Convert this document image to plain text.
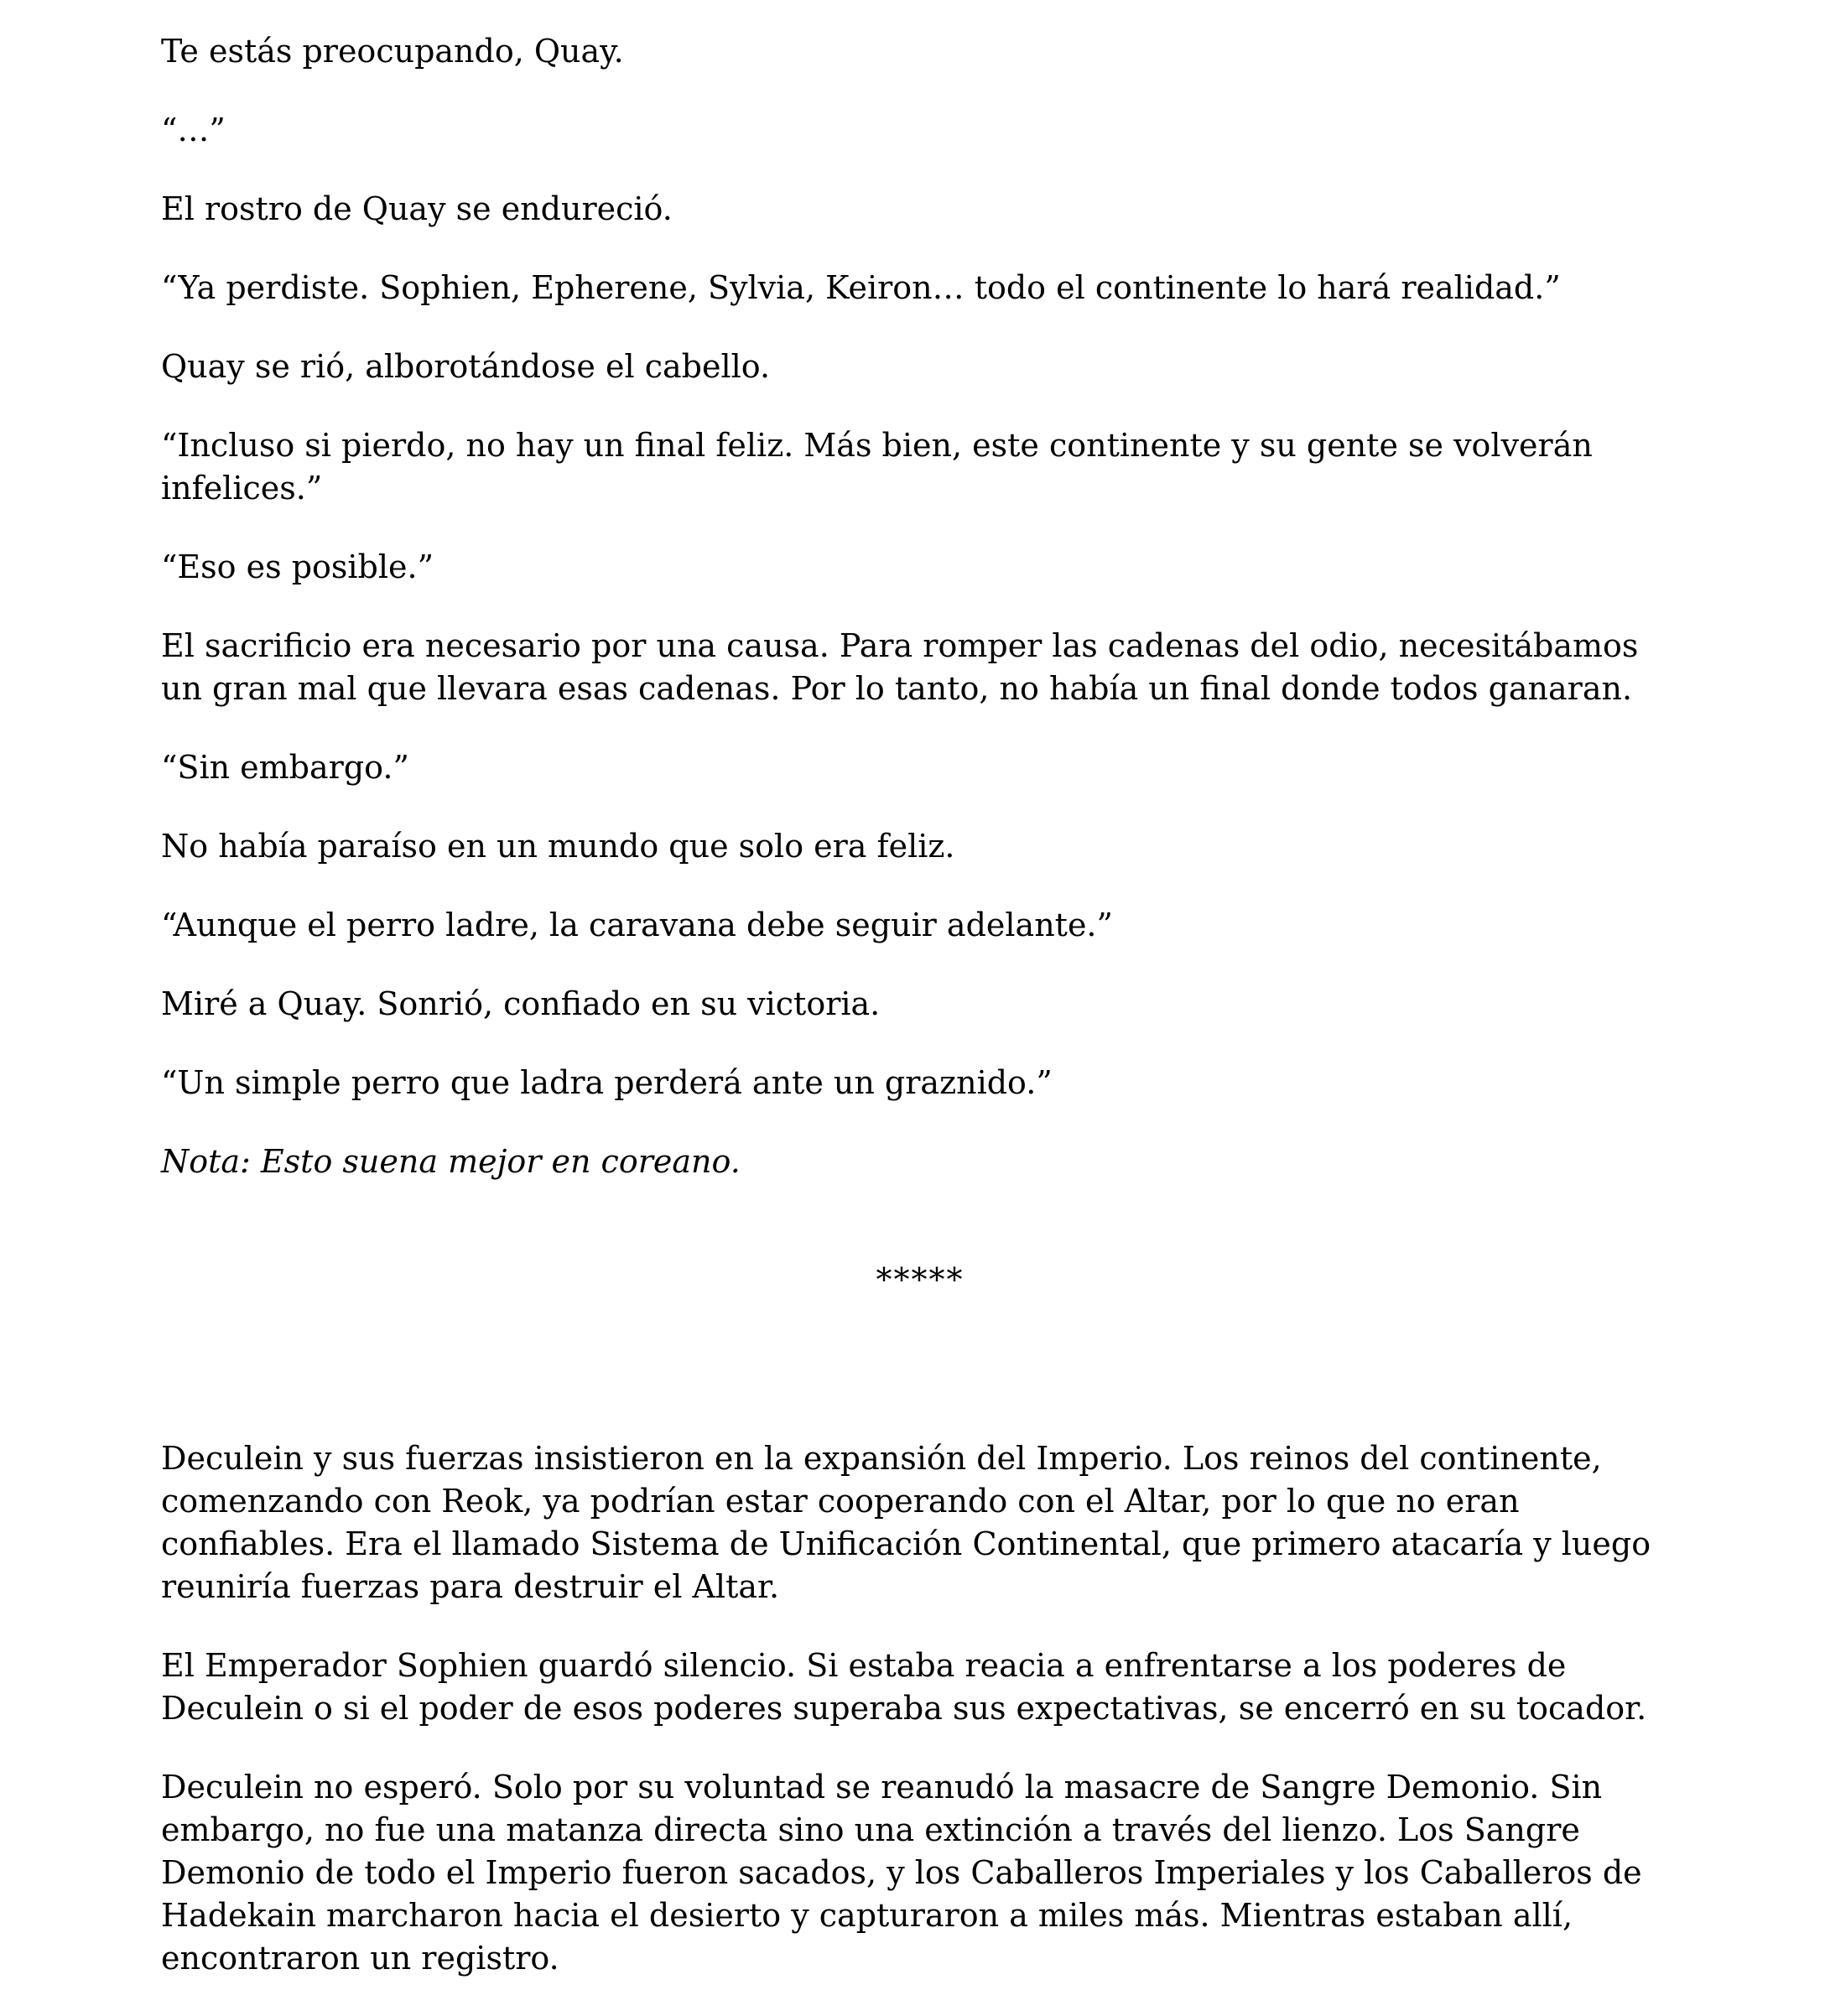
Te estás preocupando, Quay.

“…”

El rostro de Quay se endureció.

“Ya perdiste. Sophien, Epherene, Sylvia, Keiron… todo el continente lo hará realidad.”

Quay se rió, alborotándose el cabello.

“Incluso si pierdo, no hay un final feliz. Más bien, este continente y su gente se volverán infelices.”

“Eso es posible.”

El sacrificio era necesario por una causa. Para romper las cadenas del odio, necesitábamos un gran mal que llevara esas cadenas. Por lo tanto, no había un final donde todos ganaran.

“Sin embargo.”

No había paraíso en un mundo que solo era feliz.

“Aunque el perro ladre, la caravana debe seguir adelante.”

Miré a Quay. Sonrió, confiado en su victoria.

“Un simple perro que ladra perderá ante un graznido.”

Nota: Esto suena mejor en coreano.

*****

Deculein y sus fuerzas insistieron en la expansión del Imperio. Los reinos del continente, comenzando con Reok, ya podrían estar cooperando con el Altar, por lo que no eran confiables. Era el llamado Sistema de Unificación Continental, que primero atacaría y luego reuniría fuerzas para destruir el Altar.

El Emperador Sophien guardó silencio. Si estaba reacia a enfrentarse a los poderes de Deculein o si el poder de esos poderes superaba sus expectativas, se encerró en su tocador.

Deculein no esperó. Solo por su voluntad se reanudó la masacre de Sangre Demonio. Sin embargo, no fue una matanza directa sino una extinción a través del lienzo. Los Sangre Demonio de todo el Imperio fueron sacados, y los Caballeros Imperiales y los Caballeros de Hadekain marcharon hacia el desierto y capturaron a miles más. Mientras estaban allí, encontraron un registro.
